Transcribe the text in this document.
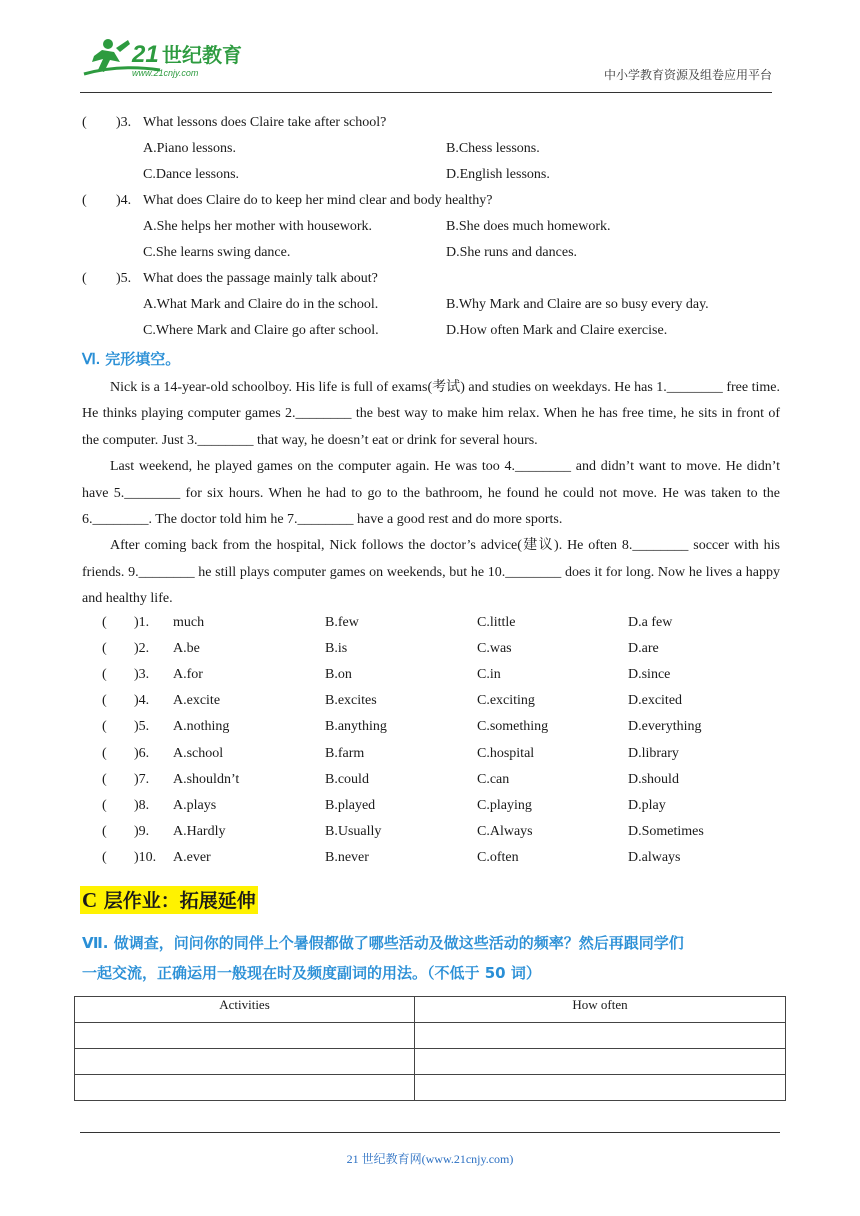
21 世纪教育
www.21cnjy.com	中小学教育资源及组卷应用平台
( )3. What lessons does Claire take after school?
A.Piano lessons.	B.Chess lessons.
C.Dance lessons.	D.English lessons.
( )4. What does Claire do to keep her mind clear and body healthy?
A.She helps her mother with housework.	B.She does much homework.
C.She learns swing dance.	D.She runs and dances.
( )5. What does the passage mainly talk about?
A.What Mark and Claire do in the school.	B.Why Mark and Claire are so busy every day.
C.Where Mark and Claire go after school.	D.How often Mark and Claire exercise.
Ⅵ. 完形填空。

Nick is a 14-year-old schoolboy. His life is full of exams(考试) and studies on weekdays. He has 1.________ free time. He thinks playing computer games 2.________ the best way to make him relax. When he has free time, he sits in front of the computer. Just 3.________ that way, he doesn’t eat or drink for several hours.

Last weekend, he played games on the computer again. He was too 4.________ and didn’t want to move. He didn’t have 5.________ for six hours. When he had to go to the bathroom, he found he could not move. He was taken to the 6.________. The doctor told him he 7.________ have a good rest and do more sports.

After coming back from the hospital, Nick follows the doctor’s advice(建议). He often 8.________ soccer with his friends. 9.________ he still plays computer games on weekends, but he 10.________ does it for long. Now he lives a happy and healthy life.

( )1. much	B.few	C.little	D.a few
( )2. A.be	B.is	C.was	D.are
( )3. A.for	B.on	C.in	D.since
( )4. A.excite	B.excites	C.exciting	D.excited
( )5. A.nothing	B.anything	C.something	D.everything
( )6. A.school	B.farm	C.hospital	D.library
( )7. A.shouldn’t	B.could	C.can	D.should
( )8. A.plays	B.played	C.playing	D.play
( )9. A.Hardly	B.Usually	C.Always	D.Sometimes
( )10. A.ever	B.never	C.often	D.always
C 层作业：拓展延伸
Ⅶ. 做调查，问问你的同伴上个暑假都做了哪些活动及做这些活动的频率？然后再跟同学们
一起交流，正确运用一般现在时及频度副词的用法。（不低于 50 词）
Activities	How often

21 世纪教育网(www.21cnjy.com)
